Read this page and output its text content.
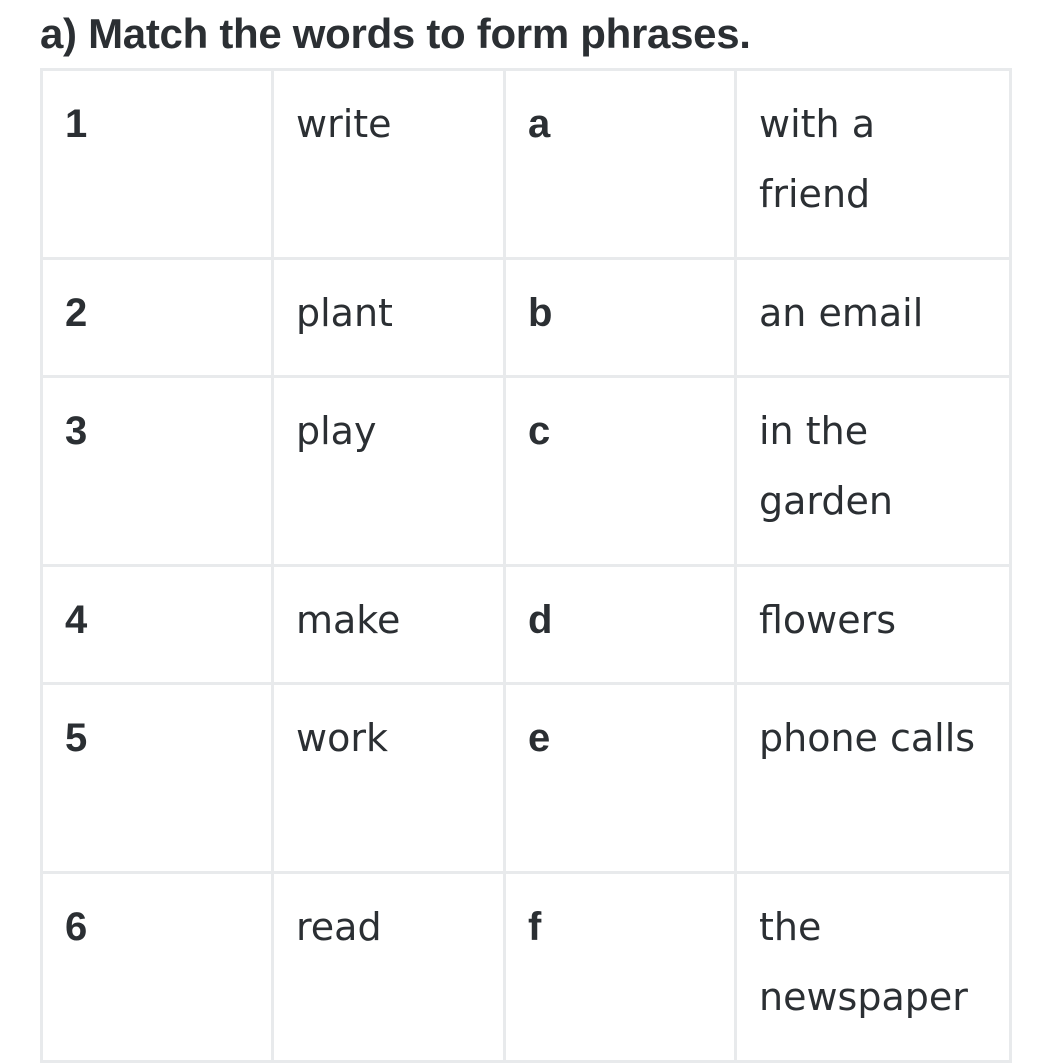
a) Match the words to form phrases.
1	write	a	with a friend

2	plant	b	an email

3	play	c	in the garden

4	make	d	flowers

5	work	e	phone calls

6	read	f	the newspaper
